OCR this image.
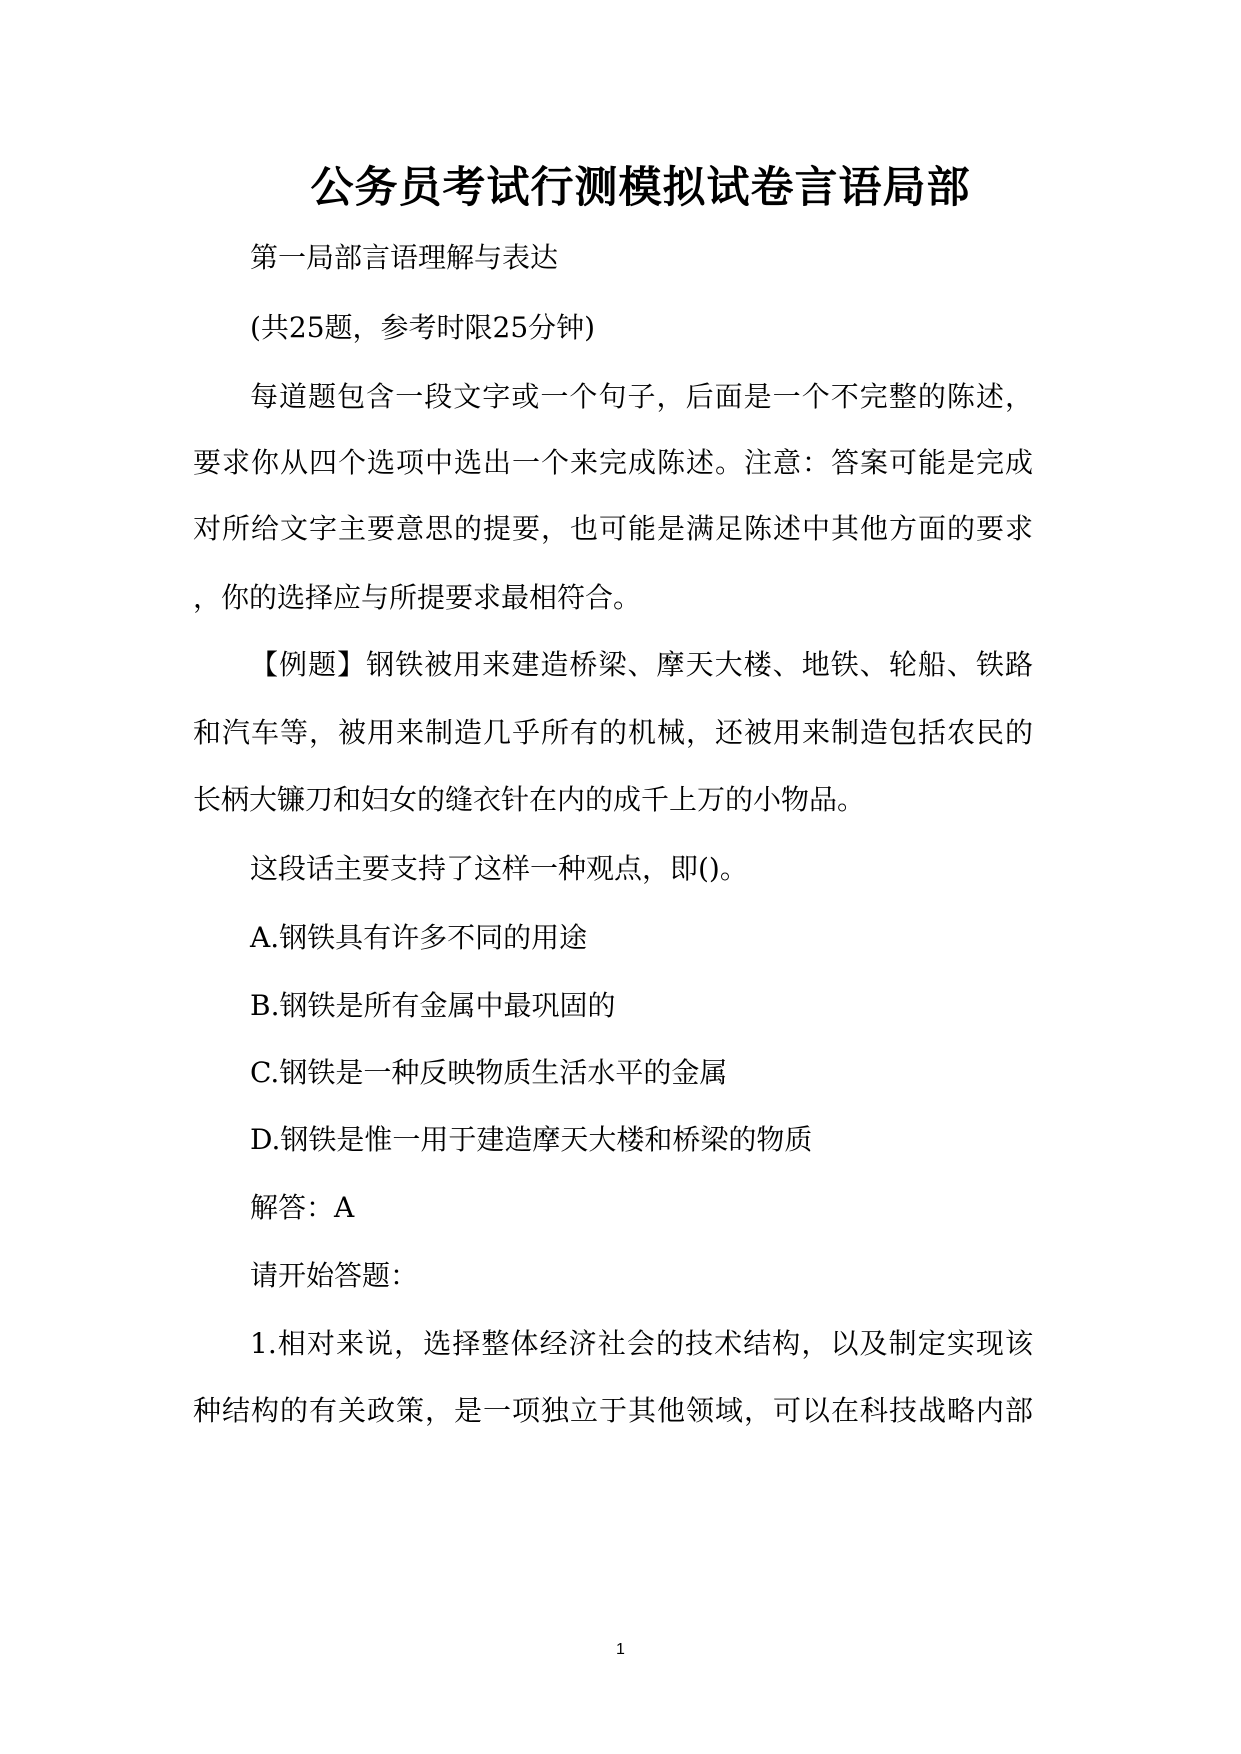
公务员考试行测模拟试卷言语局部
第一局部言语理解与表达
(共25题，参考时限25分钟)
每道题包含一段文字或一个句子，后面是一个不完整的陈述，
要求你从四个选项中选出一个来完成陈述。注意：答案可能是完成
对所给文字主要意思的提要，也可能是满足陈述中其他方面的要求
，你的选择应与所提要求最相符合。
【例题】钢铁被用来建造桥梁、摩天大楼、地铁、轮船、铁路
和汽车等，被用来制造几乎所有的机械，还被用来制造包括农民的
长柄大镰刀和妇女的缝衣针在内的成千上万的小物品。
这段话主要支持了这样一种观点，即()。
A.钢铁具有许多不同的用途
B.钢铁是所有金属中最巩固的
C.钢铁是一种反映物质生活水平的金属
D.钢铁是惟一用于建造摩天大楼和桥梁的物质
解答：A
请开始答题：
1.相对来说，选择整体经济社会的技术结构，以及制定实现该
种结构的有关政策，是一项独立于其他领域，可以在科技战略内部
1
